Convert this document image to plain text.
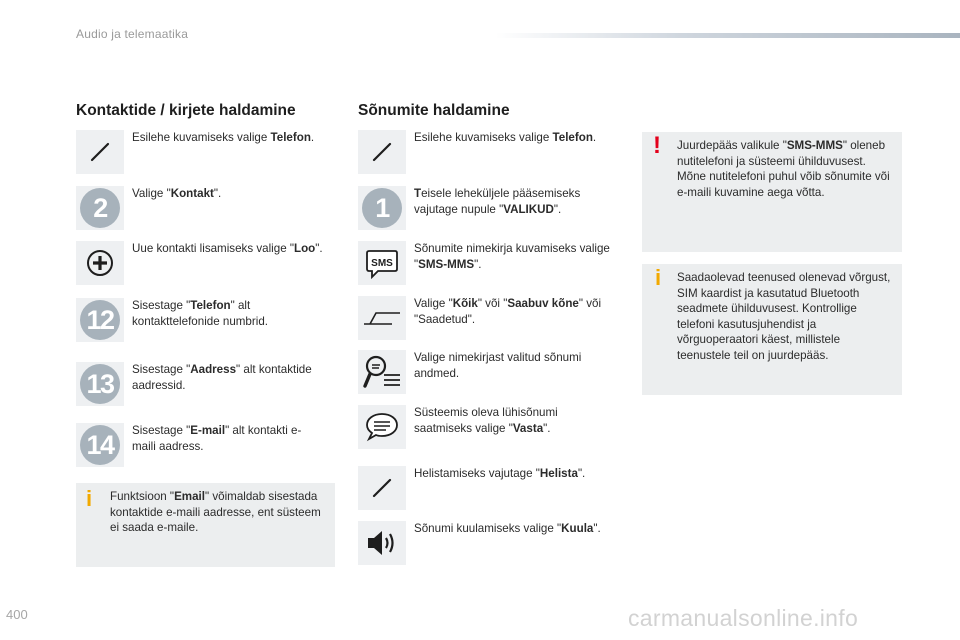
Audio ja telemaatika
Kontaktide / kirjete haldamine
Esilehe kuvamiseks valige Telefon.
2	Valige "Kontakt".
Uue kontakti lisamiseks valige "Loo".
12	Sisestage "Telefon" alt kontakttelefonide numbrid.
13	Sisestage "Aadress" alt kontaktide aadressid.
14	Sisestage "E-mail" alt kontakti e-maili aadress.
i Funktsioon "Email" võimaldab sisestada kontaktide e-maili aadresse, ent süsteem ei saada e-maile.
Sõnumite haldamine
Esilehe kuvamiseks valige Telefon.
1	Teisele leheküljele pääsemiseks vajutage nupule "VALIKUD".
SMS
Sõnumite nimekirja kuvamiseks valige "SMS-MMS".
Valige "Kõik" või "Saabuv kõne" või "Saadetud".
Valige nimekirjast valitud sõnumi andmed.
Süsteemis oleva lühisõnumi saatmiseks valige "Vasta".
Helistamiseks vajutage "Helista".
Sõnumi kuulamiseks valige "Kuula".
! Juurdepääs valikule "SMS-MMS" oleneb nutitelefoni ja süsteemi ühilduvusest.
Mõne nutitelefoni puhul võib sõnumite või e-maili kuvamine aega võtta.
i Saadaolevad teenused olenevad võrgust, SIM kaardist ja kasutatud Bluetooth seadmete ühilduvusest. Kontrollige telefoni kasutusjuhendist ja võrguoperaatori käest, millistele teenustele teil on juurdepääs.
400	carmanualsonline.info
